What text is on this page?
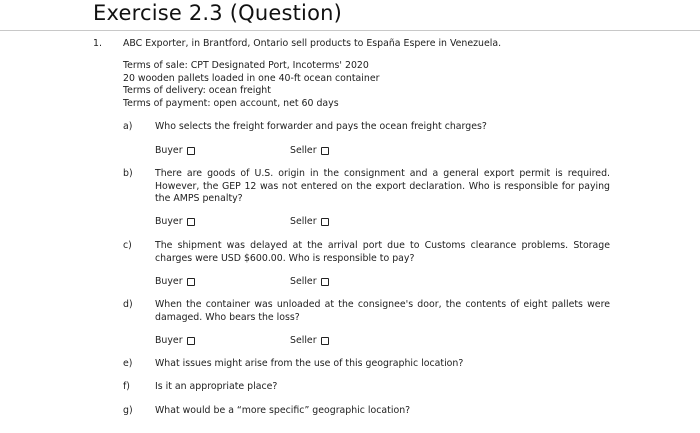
Exercise 2.3 (Question)
1. ABC Exporter, in Brantford, Ontario sell products to España Espere in Venezuela.
Terms of sale: CPT Designated Port, Incoterms' 2020
20 wooden pallets loaded in one 40-ft ocean container
Terms of delivery: ocean freight
Terms of payment: open account, net 60 days
a) Who selects the freight forwarder and pays the ocean freight charges?
Buyer	Seller
b) There are goods of U.S. origin in the consignment and a general export permit is required. However, the GEP 12 was not entered on the export declaration. Who is responsible for paying the AMPS penalty?
Buyer	Seller
c) The shipment was delayed at the arrival port due to Customs clearance problems. Storage charges were USD $600.00. Who is responsible to pay?
Buyer	Seller
d) When the container was unloaded at the consignee's door, the contents of eight pallets were damaged. Who bears the loss?
Buyer	Seller
e) What issues might arise from the use of this geographic location?
f)	Is it an appropriate place?
g) What would be a “more specific” geographic location?
